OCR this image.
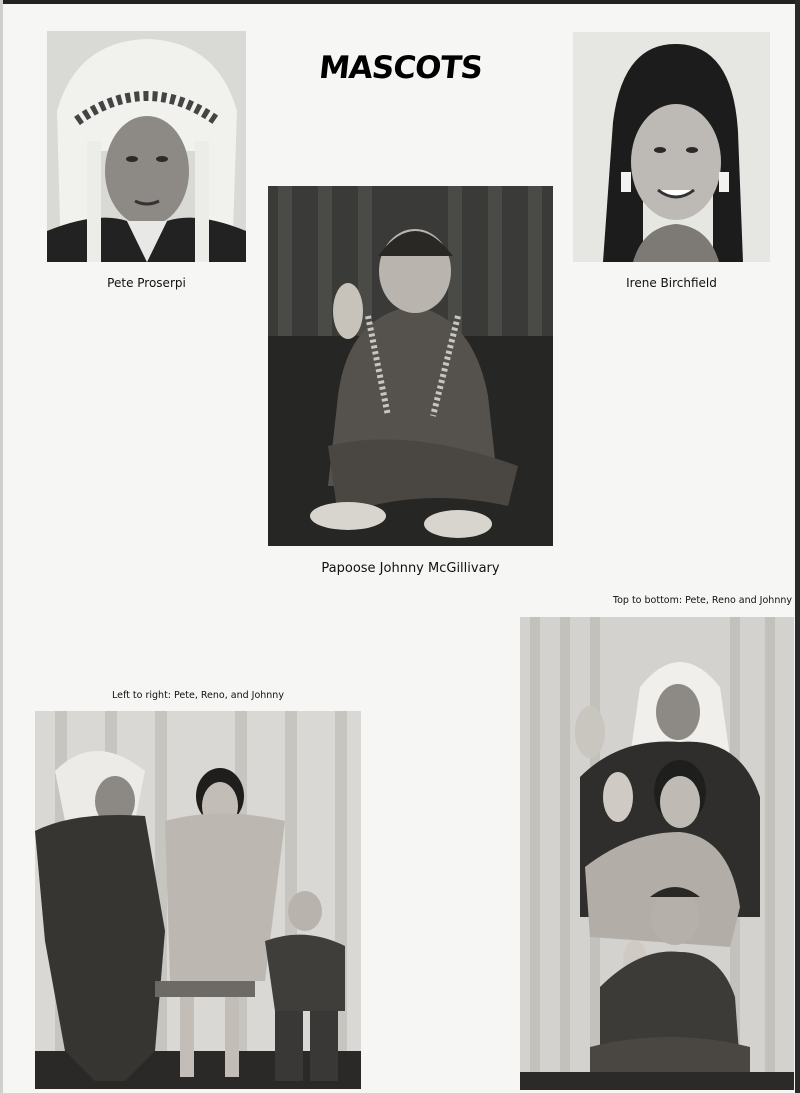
MASCOTS
Pete Proserpi	Irene Birchfield
Papoose Johnny McGillivary
Top to bottom: Pete, Reno and Johnny
Left to right: Pete, Reno, and Johnny
